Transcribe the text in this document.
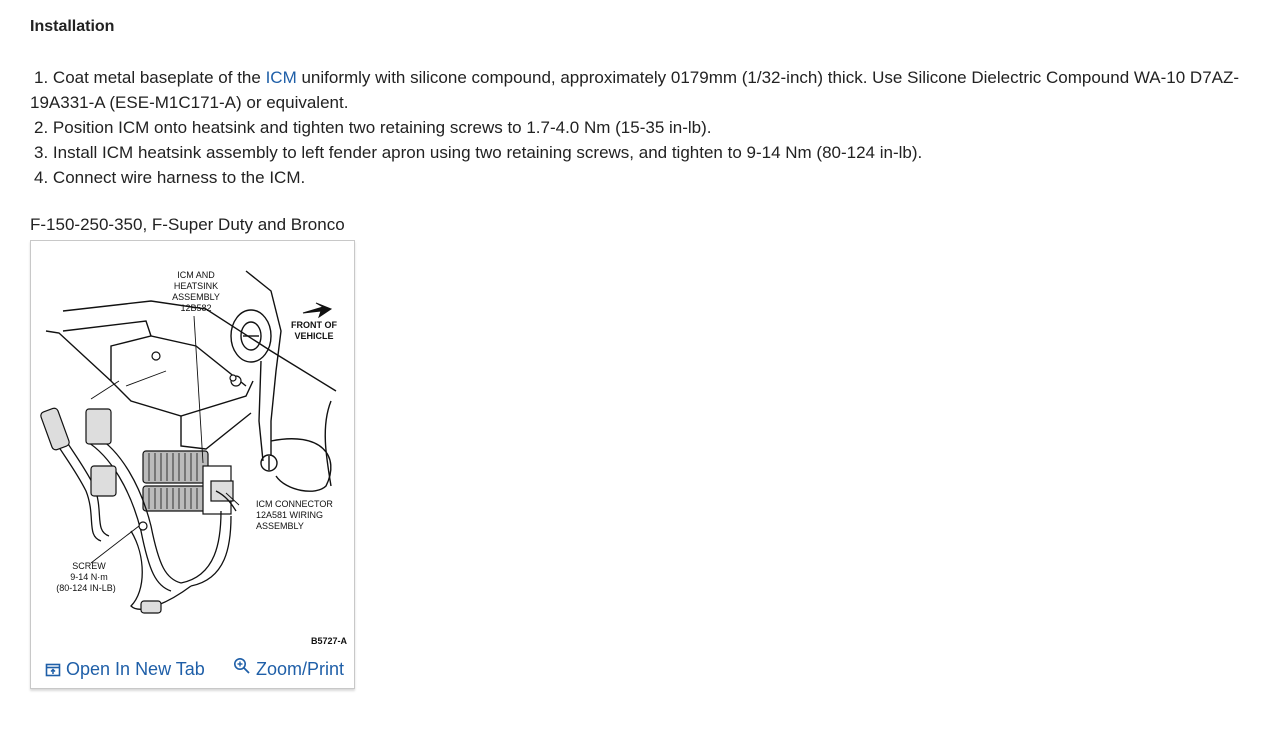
Installation
1. Coat metal baseplate of the ICM uniformly with silicone compound, approximately 0179mm (1/32-inch) thick. Use Silicone Dielectric Compound WA-10 D7AZ-19A331-A (ESE-M1C171-A) or equivalent.
2. Position ICM onto heatsink and tighten two retaining screws to 1.7-4.0 Nm (15-35 in-lb).
3. Install ICM heatsink assembly to left fender apron using two retaining screws, and tighten to 9-14 Nm (80-124 in-lb).
4. Connect wire harness to the ICM.
F-150-250-350, F-Super Duty and Bronco
ICM AND
HEATSINK
ASSEMBLY
12B582
FRONT OF
VEHICLE
ICM CONNECTOR
12A581 WIRING
ASSEMBLY
SCREW
9-14 N·m
(80-124 IN-LB)
B5727-A
Open In New Tab	Zoom/Print
